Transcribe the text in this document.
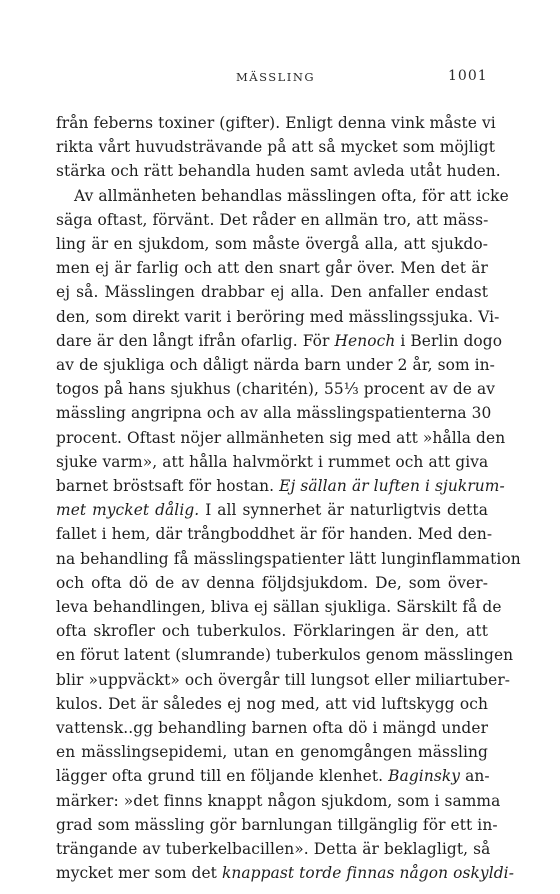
MÄSSLING	1001
från feberns toxiner (gifter). Enligt denna vink måste vi
rikta vårt huvudsträvande på att så mycket som möjligt
stärka och rätt behandla huden samt avleda utåt huden.
Av allmänheten behandlas mässlingen ofta, för att icke
säga oftast, förvänt. Det råder en allmän tro, att mäss-
ling är en sjukdom, som måste övergå alla, att sjukdo-
men ej är farlig och att den snart går över. Men det är
ej så. Mässlingen drabbar ej alla. Den anfaller endast
den, som direkt varit i beröring med mässlingssjuka. Vi-
dare är den långt ifrån ofarlig. För Henoch i Berlin dogo
av de sjukliga och dåligt närda barn under 2 år, som in-
togos på hans sjukhus (charitén), 55⅓ procent av de av
mässling angripna och av alla mässlingspatienterna 30
procent. Oftast nöjer allmänheten sig med att »hålla den
sjuke varm», att hålla halvmörkt i rummet och att giva
barnet bröstsaft för hostan. Ej sällan är luften i sjukrum-
met mycket dålig. I all synnerhet är naturligtvis detta
fallet i hem, där trångboddhet är för handen. Med den-
na behandling få mässlingspatienter lätt lunginflammation
och ofta dö de av denna följdsjukdom. De, som över-
leva behandlingen, bliva ej sällan sjukliga. Särskilt få de
ofta skrofler och tuberkulos. Förklaringen är den, att
en förut latent (slumrande) tuberkulos genom mässlingen
blir »uppväckt» och övergår till lungsot eller miliartuber-
kulos. Det är således ej nog med, att vid luftskygg och
vattensk..gg behandling barnen ofta dö i mängd under
en mässlingsepidemi, utan en genomgången mässling
lägger ofta grund till en följande klenhet. Baginsky an-
märker: »det finns knappt någon sjukdom, som i samma
grad som mässling gör barnlungan tillgänglig för ett in-
trängande av tuberkelbacillen». Detta är beklagligt, så
mycket mer som det knappast torde finnas någon oskyldi-
